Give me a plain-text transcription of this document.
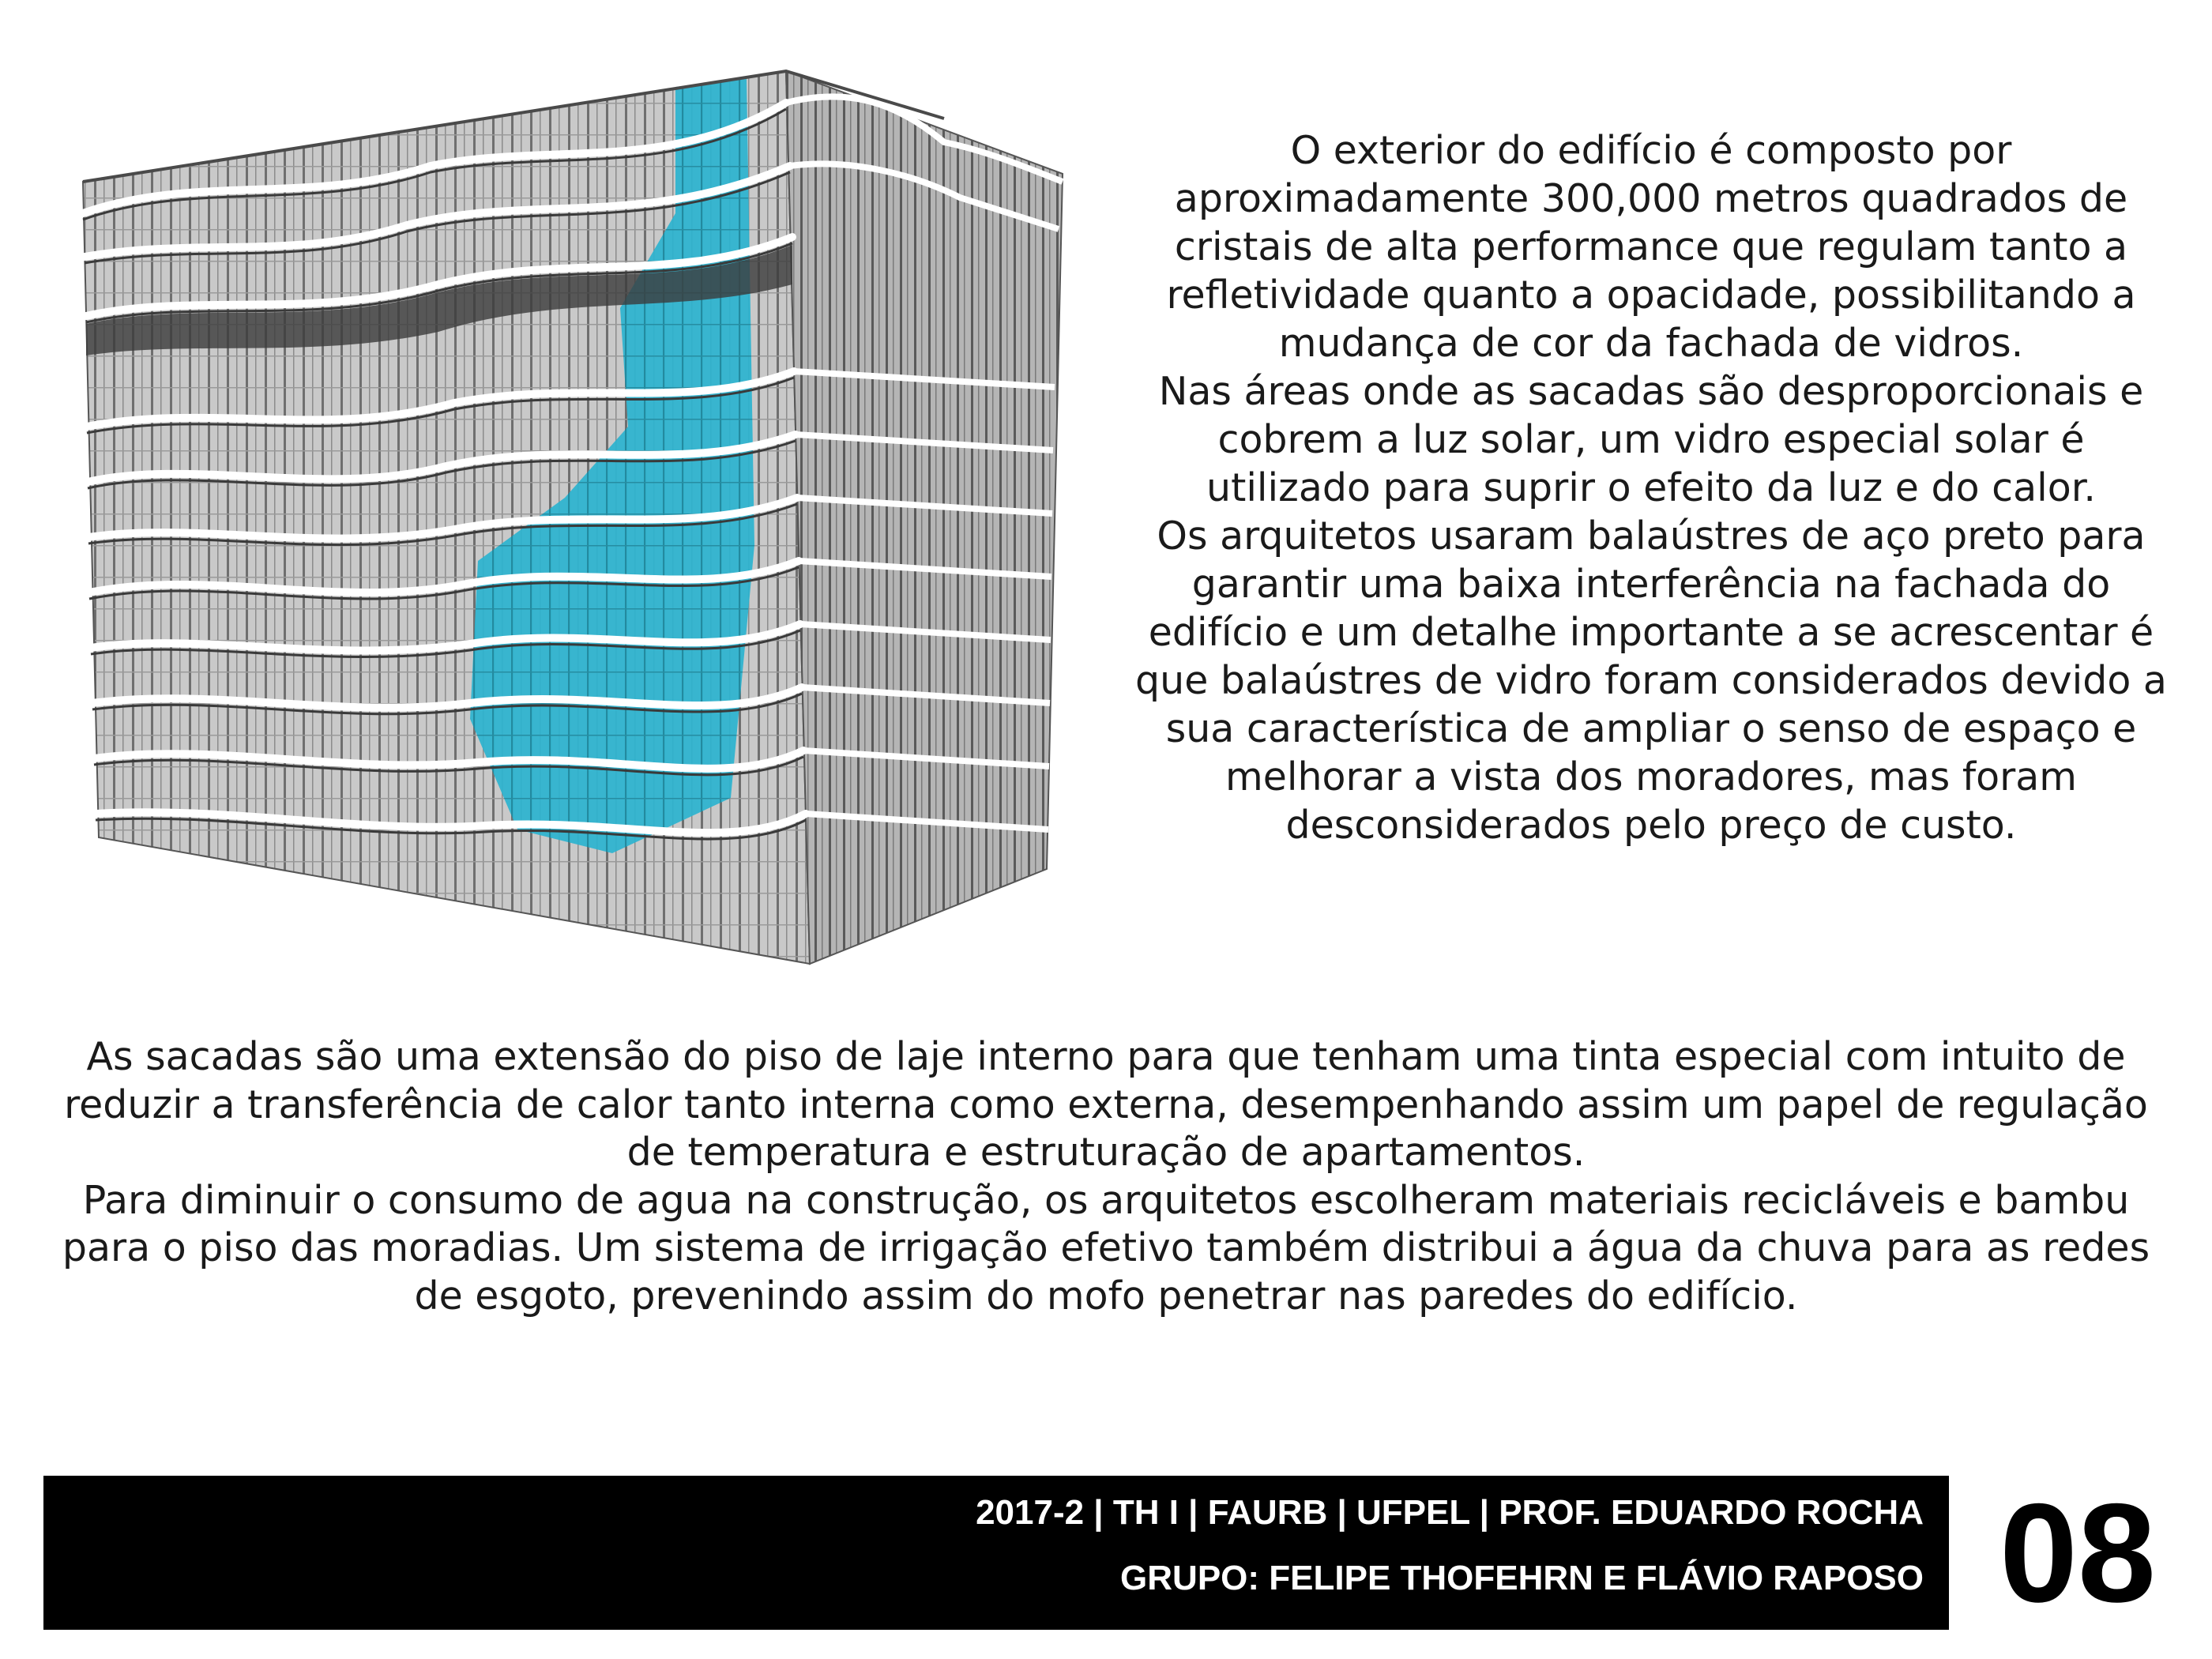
O exterior do edifício é composto por aproximadamente 300,000 metros quadrados de cristais de alta performance que regulam tanto a refletividade quanto a opacidade, possibilitando a mudança de cor da fachada de vidros.

Nas áreas onde as sacadas são desproporcionais e cobrem a luz solar, um vidro especial solar é utilizado para suprir o efeito da luz e do calor.

Os arquitetos usaram balaústres de aço preto para garantir uma baixa interferência na fachada do edifício e um detalhe importante a se acrescentar é que balaústres de vidro foram considerados devido a sua característica de ampliar o senso de espaço e melhorar a vista dos moradores, mas foram desconsiderados pelo preço de custo.

As sacadas são uma extensão do piso de laje interno para que tenham uma tinta especial com intuito de reduzir a transferência de calor tanto interna como externa, desempenhando assim um papel de regulação de temperatura e estruturação de apartamentos.

Para diminuir o consumo de agua na construção, os arquitetos escolheram materiais recicláveis e bambu para o piso das moradias. Um sistema de irrigação efetivo também distribui a água da chuva para as redes de esgoto, prevenindo assim do mofo penetrar nas paredes do edifício.

2017-2 | TH I | FAURB | UFPEL | PROF. EDUARDO ROCHA
GRUPO: FELIPE THOFEHRN E FLÁVIO RAPOSO 08
